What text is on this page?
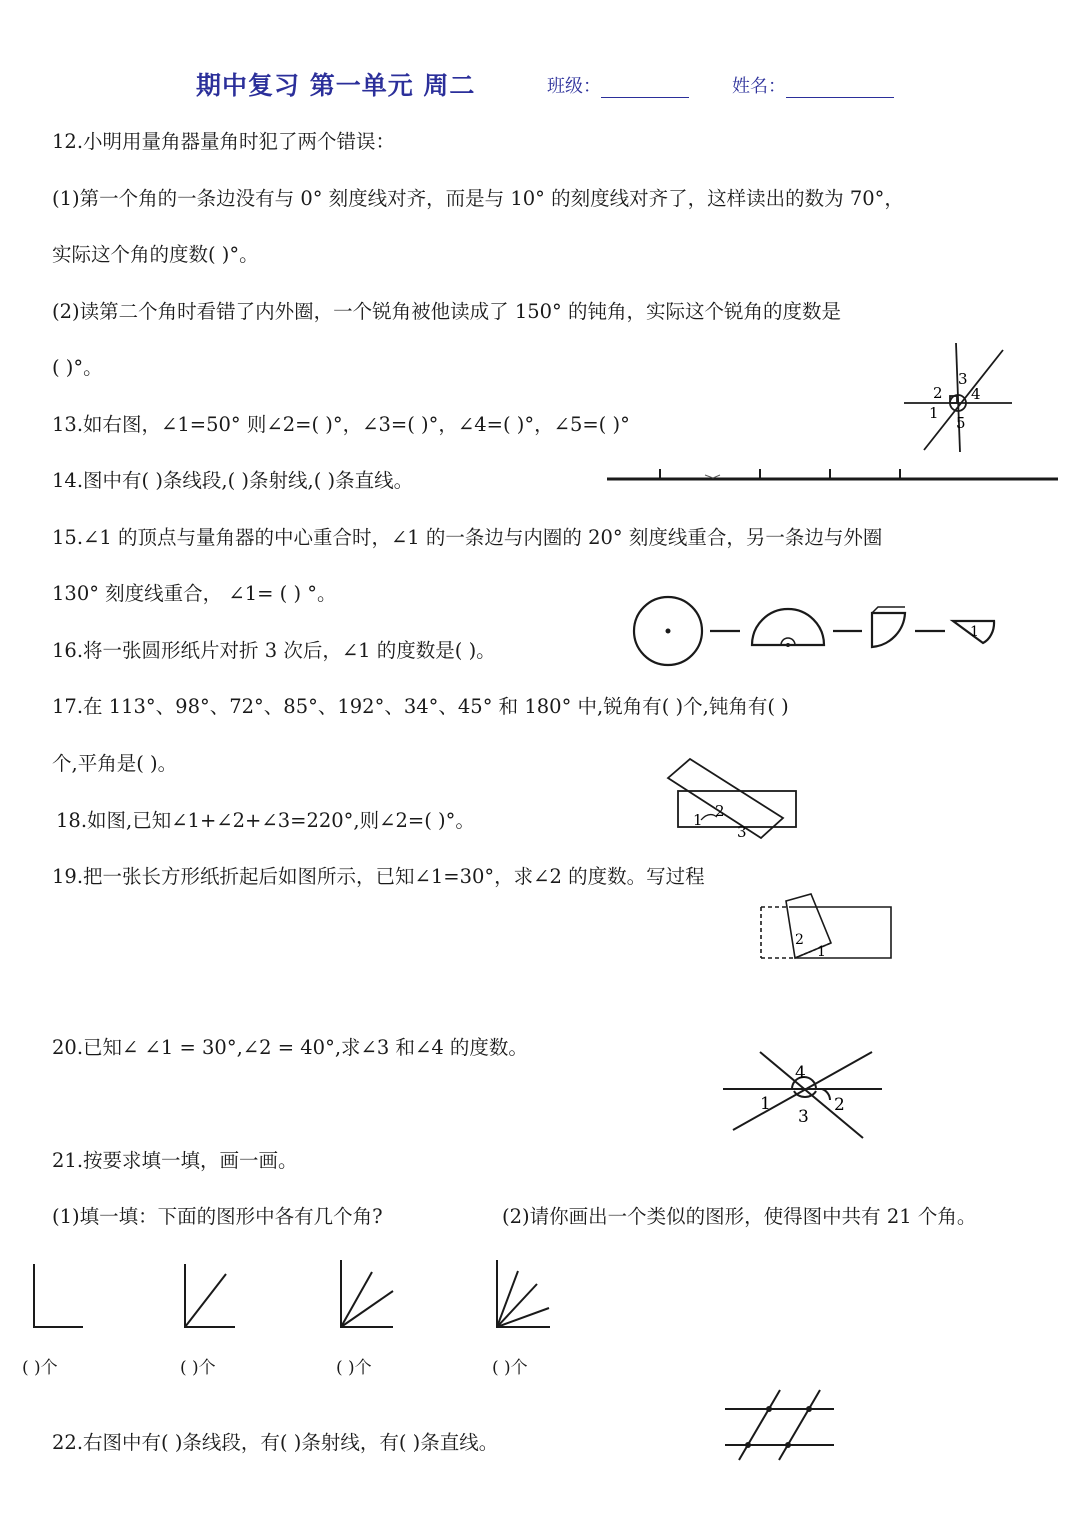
期中复习 第一单元 周二	班级：	姓名：
12.小明用量角器量角时犯了两个错误：
(1)第一个角的一条边没有与 0° 刻度线对齐，而是与 10° 的刻度线对齐了，这样读出的数为 70°，
实际这个角的度数( )°。
(2)读第二个角时看错了内外圈，一个锐角被他读成了 150° 的钝角，实际这个锐角的度数是
( )°。
13.如右图，∠1=50° 则∠2=( )°，∠3=( )°，∠4=( )°，∠5=( )°
14.图中有( )条线段,( )条射线,( )条直线。
15.∠1 的顶点与量角器的中心重合时，∠1 的一条边与内圈的 20° 刻度线重合，另一条边与外圈
130° 刻度线重合， ∠1= ( ) °。
16.将一张圆形纸片对折 3 次后，∠1 的度数是( )。
17.在 113°、98°、72°、85°、192°、34°、45° 和 180° 中,锐角有( )个,钝角有( )
个,平角是( )。
18.如图,已知∠1+∠2+∠3=220°,则∠2=( )°。
19.把一张长方形纸折起后如图所示，已知∠1=30°，求∠2 的度数。写过程
20.已知∠ ∠1 = 30°,∠2 = 40°,求∠3 和∠4 的度数。
21.按要求填一填，画一画。
(1)填一填：下面的图形中各有几个角?	(2)请你画出一个类似的图形，使得图中共有 21 个角。
22.右图中有( )条线段，有( )条射线，有( )条直线。
( )个	( )个	( )个	( )个
2
3
4
1
5
1
1 2
3
2
1
4
1
3
2
